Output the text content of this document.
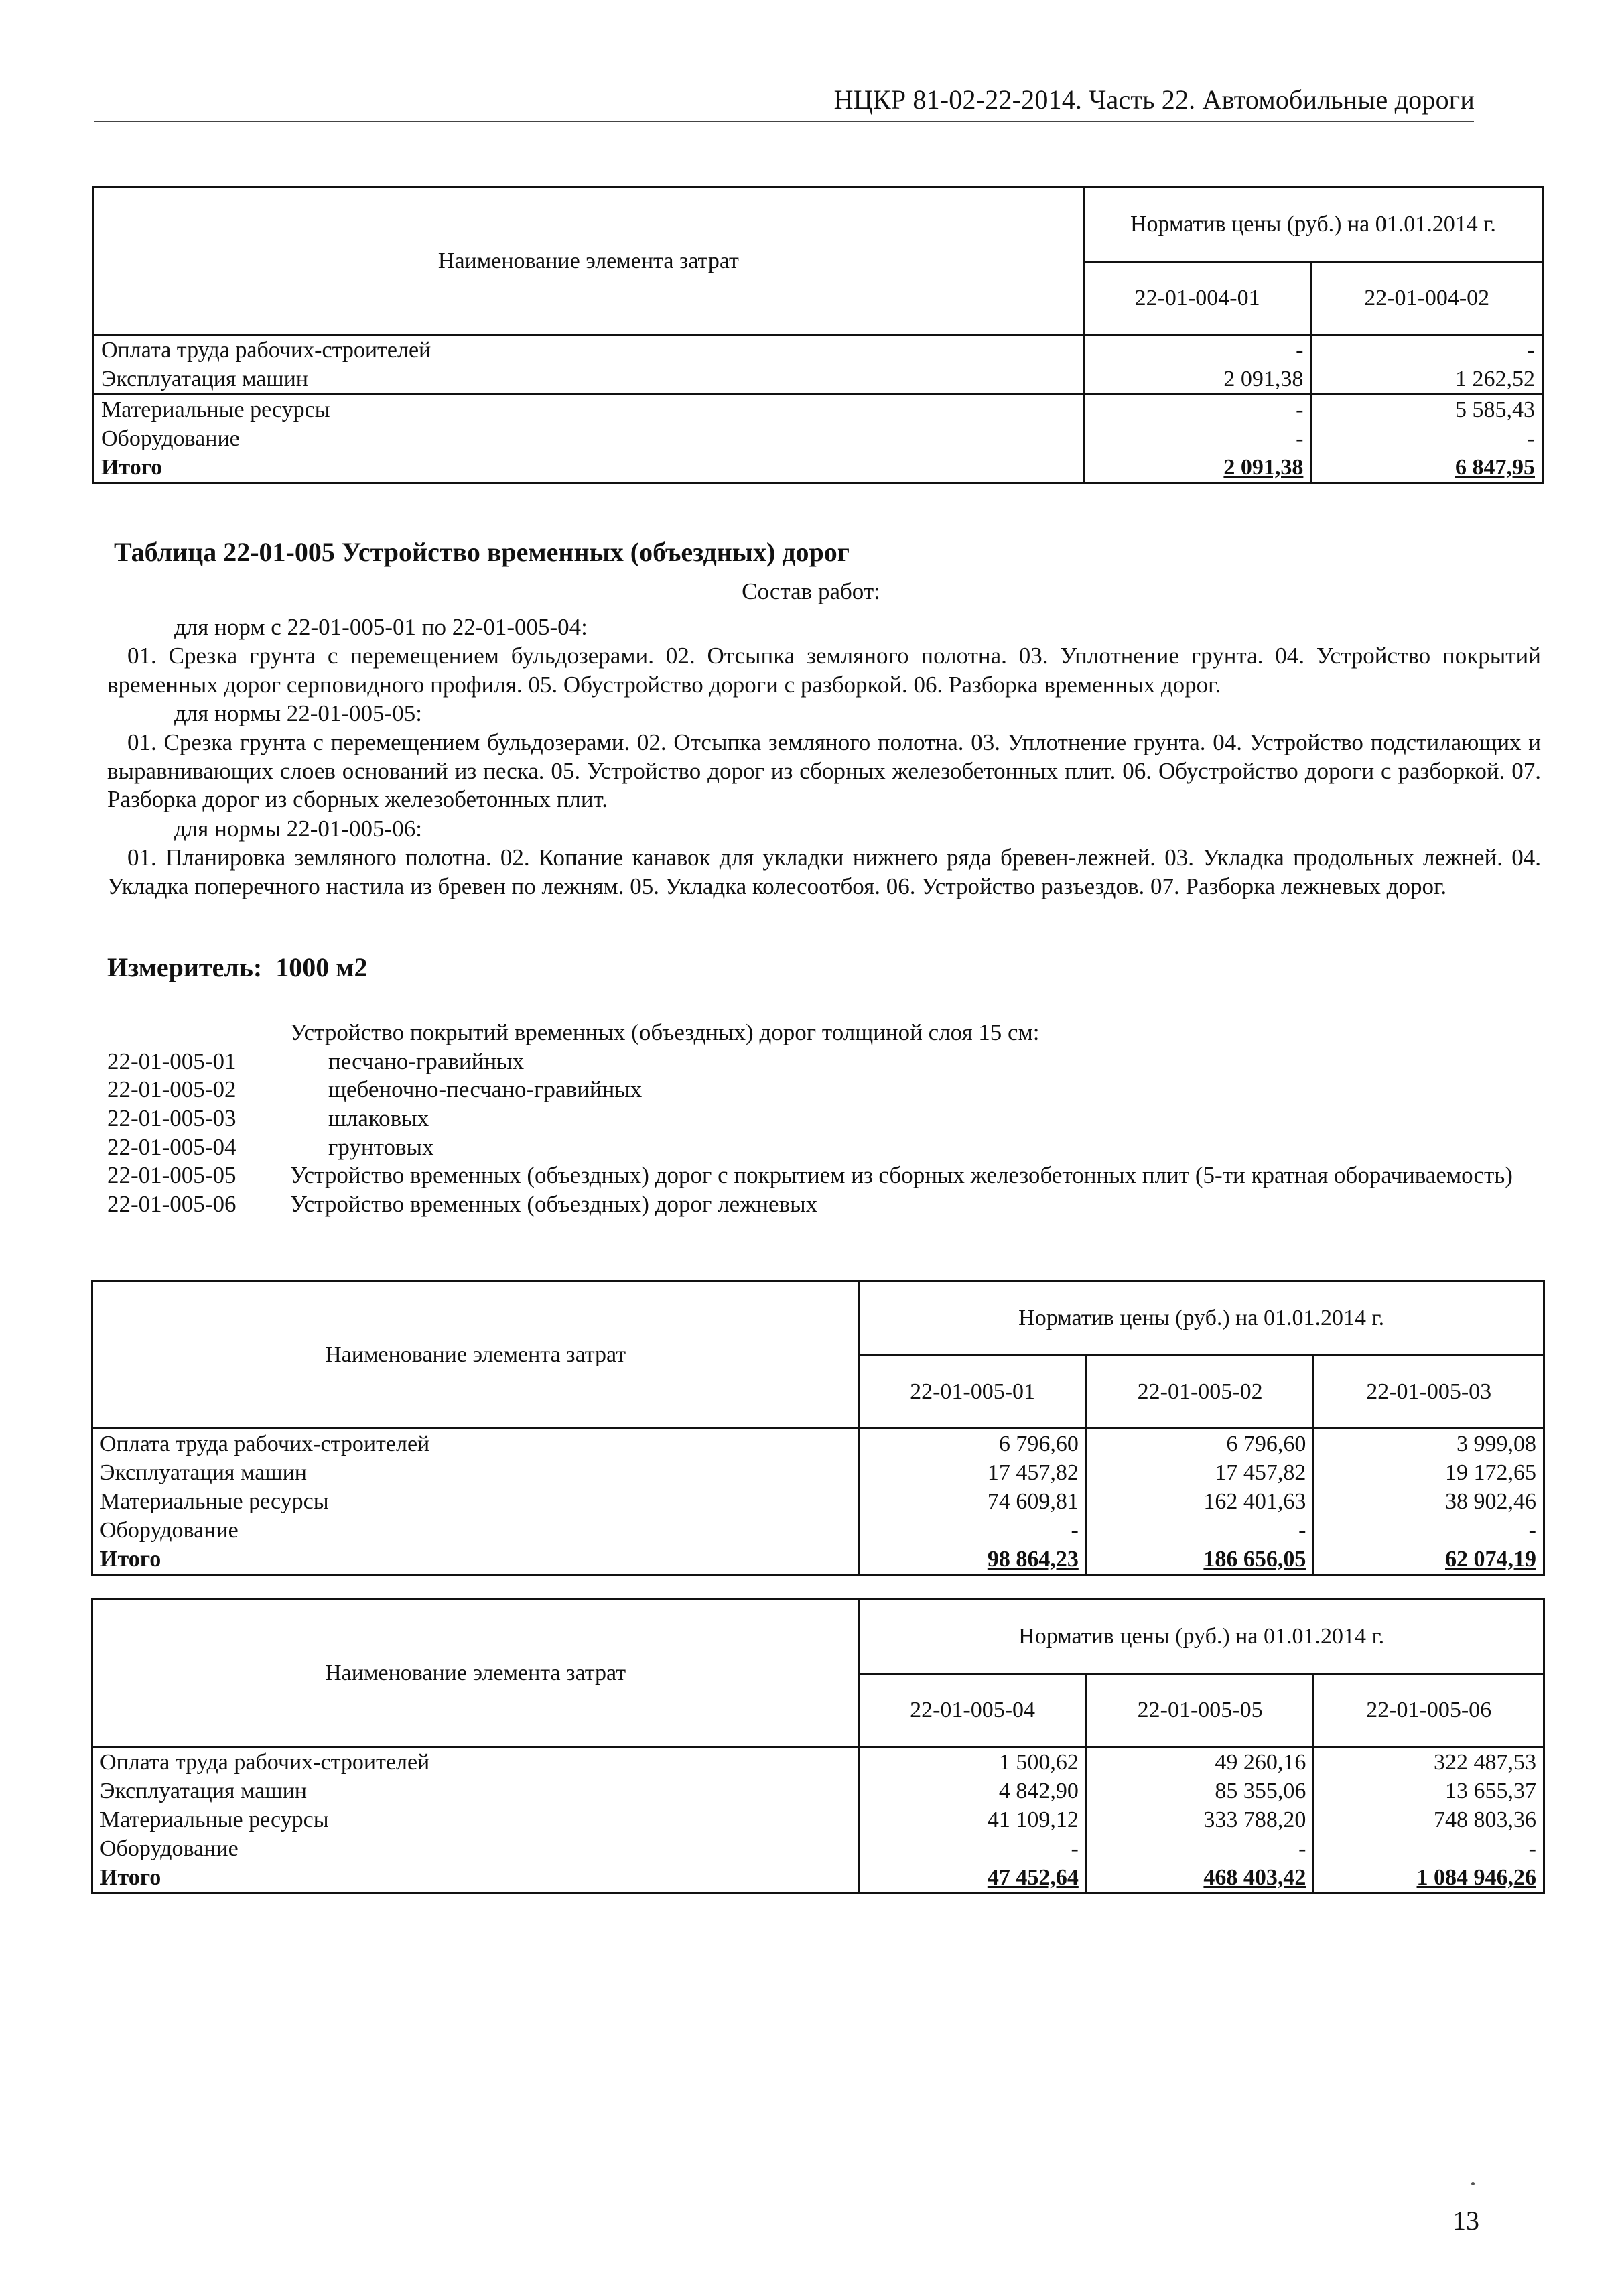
НЦКР 81-02-22-2014. Часть 22. Автомобильные дороги
Наименование элемента затрат	Норматив цены (руб.) на 01.01.2014 г.	
	22-01-004-01	22-01-004-02
Оплата труда рабочих-строителей	-	-
Эксплуатация машин	2 091,38	1 262,52
Материальные ресурсы	-	5 585,43
Оборудование	-	-
Итого	2 091,38	6 847,95
Таблица 22-01-005 Устройство временных (объездных) дорог
Состав работ:
для норм с 22-01-005-01 по 22-01-005-04:
01. Срезка грунта с перемещением бульдозерами. 02. Отсыпка земляного полотна. 03. Уплотнение грунта. 04. Устройство покрытий временных дорог серповидного профиля. 05. Обустройство дороги с разборкой. 06. Разборка временных дорог.
для нормы 22-01-005-05:
01. Срезка грунта с перемещением бульдозерами. 02. Отсыпка земляного полотна. 03. Уплотнение грунта. 04. Устройство подстилающих и выравнивающих слоев оснований из песка. 05. Устройство дорог из сборных железобетонных плит. 06. Обустройство дороги с разборкой. 07. Разборка дорог из сборных железобетонных плит.
для нормы 22-01-005-06:
01. Планировка земляного полотна. 02. Копание канавок для укладки нижнего ряда бревен-лежней. 03. Укладка продольных лежней. 04. Укладка поперечного настила из бревен по лежням. 05. Укладка колесоотбоя. 06. Устройство разъездов. 07. Разборка лежневых дорог.
Измеритель: 1000 м2
Устройство покрытий временных (объездных) дорог толщиной слоя 15 см:
22-01-005-01	песчано-гравийных
22-01-005-02	щебеночно-песчано-гравийных
22-01-005-03	шлаковых
22-01-005-04	грунтовых
22-01-005-05	Устройство временных (объездных) дорог с покрытием из сборных железобетонных плит (5-ти кратная оборачиваемость)
22-01-005-06	Устройство временных (объездных) дорог лежневых
Наименование элемента затрат	Норматив цены (руб.) на 01.01.2014 г.		
	22-01-005-01	22-01-005-02	22-01-005-03
Оплата труда рабочих-строителей	6 796,60	6 796,60	3 999,08
Эксплуатация машин	17 457,82	17 457,82	19 172,65
Материальные ресурсы	74 609,81	162 401,63	38 902,46
Оборудование	-	-	-
Итого	98 864,23	186 656,05	62 074,19
Наименование элемента затрат	Норматив цены (руб.) на 01.01.2014 г.		
	22-01-005-04	22-01-005-05	22-01-005-06
Оплата труда рабочих-строителей	1 500,62	49 260,16	322 487,53
Эксплуатация машин	4 842,90	85 355,06	13 655,37
Материальные ресурсы	41 109,12	333 788,20	748 803,36
Оборудование	-	-	-
Итого	47 452,64	468 403,42	1 084 946,26
13
